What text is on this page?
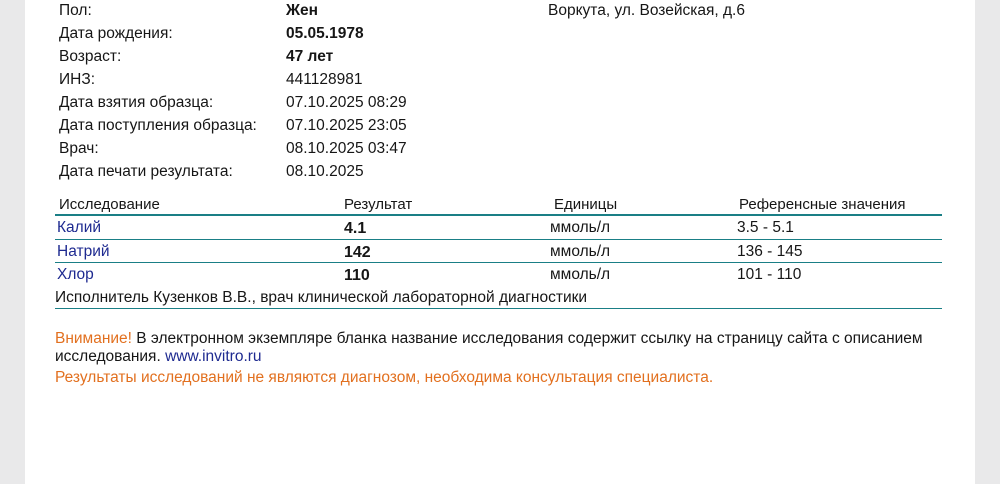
Пол:	Жен	Воркута, ул. Возейская, д.6
Дата рождения:	05.05.1978
Возраст:	47 лет
ИНЗ:	441128981
Дата взятия образца:	07.10.2025 08:29
Дата поступления образца: 07.10.2025 23:05
Врач:	08.10.2025 03:47
Дата печати результата:	08.10.2025
Исследование	Результат	Единицы	Референсные значения
Калий	4.1	ммоль/л	3.5 - 5.1
Натрий	142	ммоль/л	136 - 145
Хлор	110	ммоль/л	101 - 110
Исполнитель Кузенков В.В., врач клинической лабораторной диагностики
Внимание! В электронном экземпляре бланка название исследования содержит ссылку на страницу сайта с описанием
исследования. www.invitro.ru
Результаты исследований не являются диагнозом, необходима консультация специалиста.
